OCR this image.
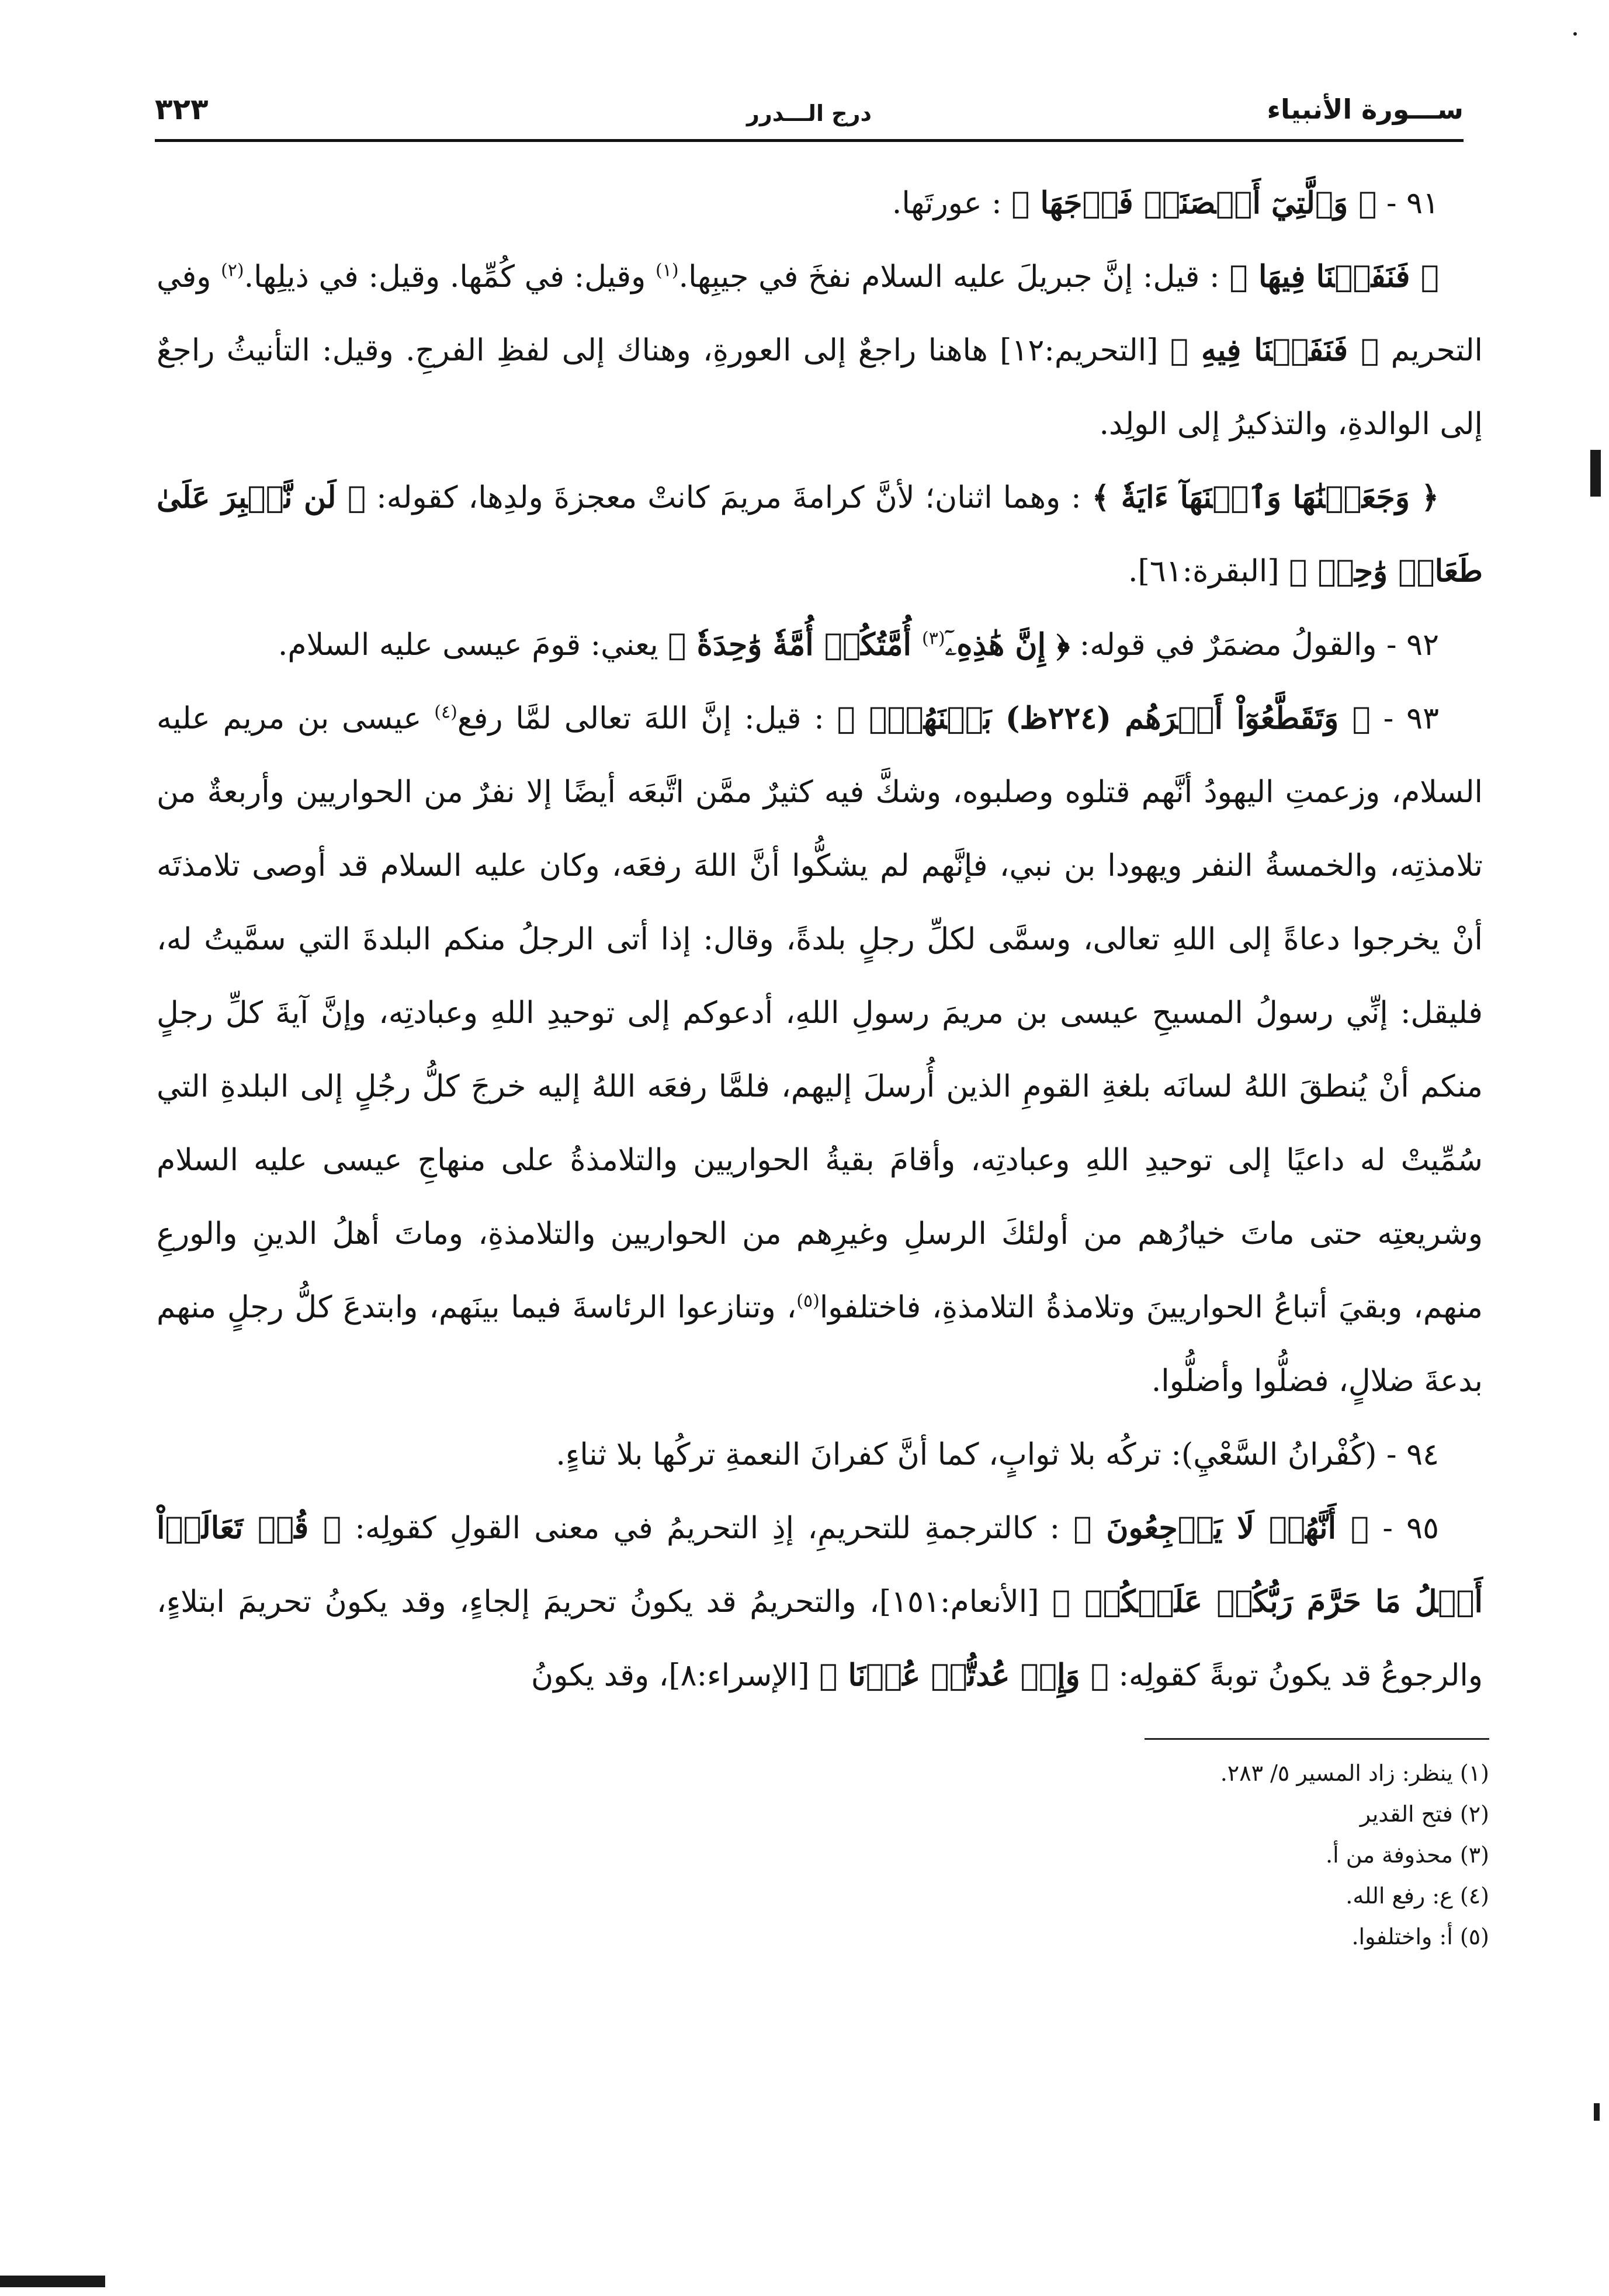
ســـورة الأنبياء
درج الـــدرر
٣٢٣

٩١ - ﴿ وَٱلَّتِيٓ أَحۡصَنَتۡ فَرۡجَهَا ﴾ : عورتَها.

﴿ فَنَفَخۡنَا فِيهَا ﴾ : قيل: إنَّ جبريلَ عليه السلام نفخَ في جيبِها.$^{(١)}$ وقيل: في كُمِّها. وقيل: في ذيلِها.$^{(٢)}$ وفي التحريم ﴿ فَنَفَخۡنَا فِيهِ ﴾ [التحريم:١٢] هاهنا راجعٌ إلى العورةِ، وهناك إلى لفظِ الفرجِ. وقيل: التأنيثُ راجعٌ إلى الوالدةِ، والتذكيرُ إلى الولِد.

﴿ وَجَعَلۡنَٰهَا وَٱبۡنَهَآ ءَايَةٗ ﴾ : وهما اثنان؛ لأنَّ كرامةَ مريمَ كانتْ معجزةَ ولدِها، كقوله: ﴿ لَن نَّصۡبِرَ عَلَىٰ طَعَامٖ وَٰحِدٖ ﴾ [البقرة:٦١].

٩٢ - والقولُ مضمَرٌ في قوله: ﴿ إِنَّ هَٰذِهِۦٓ$^{(٣)}$ أُمَّتُكُمۡ أُمَّةٗ وَٰحِدَةٗ ﴾ يعني: قومَ عيسى عليه السلام.

٩٣ - ﴿ وَتَقَطَّعُوٓاْ أَمۡرَهُم (٢٢٤ظ) بَيۡنَهُمۡۖ ﴾ : قيل: إنَّ اللهَ تعالى لمَّا رفع$^{(٤)}$ عيسى بن مريم عليه السلام، وزعمتِ اليهودُ أنَّهم قتلوه وصلبوه، وشكَّ فيه كثيرٌ ممَّن اتَّبعَه أيضًا إلا نفرٌ من الحواريين وأربعةٌ من تلامذتِه، والخمسةُ النفر ويهودا بن نبي، فإنَّهم لم يشكُّوا أنَّ اللهَ رفعَه، وكان عليه السلام قد أوصى تلامذتَه أنْ يخرجوا دعاةً إلى اللهِ تعالى، وسمَّى لكلِّ رجلٍ بلدةً، وقال: إذا أتى الرجلُ منكم البلدةَ التي سمَّيتُ له، فليقل: إنِّي رسولُ المسيحِ عيسى بن مريمَ رسولِ اللهِ، أدعوكم إلى توحيدِ اللهِ وعبادتِه، وإنَّ آيةَ كلِّ رجلٍ منكم أنْ يُنطقَ اللهُ لسانَه بلغةِ القومِ الذين أُرسلَ إليهم، فلمَّا رفعَه اللهُ إليه خرجَ كلُّ رجُلٍ إلى البلدةِ التي سُمِّيتْ له داعيًا إلى توحيدِ اللهِ وعبادتِه، وأقامَ بقيةُ الحواريين والتلامذةُ على منهاجِ عيسى عليه السلام وشريعتِه حتى ماتَ خيارُهم من أولئكَ الرسلِ وغيرِهم من الحواريين والتلامذةِ، وماتَ أهلُ الدينِ والورعِ منهم، وبقيَ أتباعُ الحواريينَ وتلامذةُ التلامذةِ، فاختلفوا$^{(٥)}$، وتنازعوا الرئاسةَ فيما بينَهم، وابتدعَ كلُّ رجلٍ منهم بدعةَ ضلالٍ، فضلُّوا وأضلُّوا.

٩٤ - (كُفْرانُ السَّعْيِ): تركُه بلا ثوابٍ، كما أنَّ كفرانَ النعمةِ تركُها بلا ثناءٍ.

٩٥ - ﴿ أَنَّهُمۡ لَا يَرۡجِعُونَ ﴾ : كالترجمةِ للتحريمِ، إذِ التحريمُ في معنى القولِ كقولِه: ﴿ قُلۡ تَعَالَوۡاْ أَتۡلُ مَا حَرَّمَ رَبُّكُمۡ عَلَيۡكُمۡ ﴾ [الأنعام:١٥١]، والتحريمُ قد يكونُ تحريمَ إلجاءٍ، وقد يكونُ تحريمَ ابتلاءٍ، والرجوعُ قد يكونُ توبةً كقولِه: ﴿ وَإِنۡ عُدتُّمۡ عُدۡنَا ﴾ [الإسراء:٨]، وقد يكونُ

(١) ينظر: زاد المسير ٥/ ٢٨٣.

(٢) فتح القدير

(٣) محذوفة من أ.

(٤) ع: رفع الله.

(٥) أ: واختلفوا.
